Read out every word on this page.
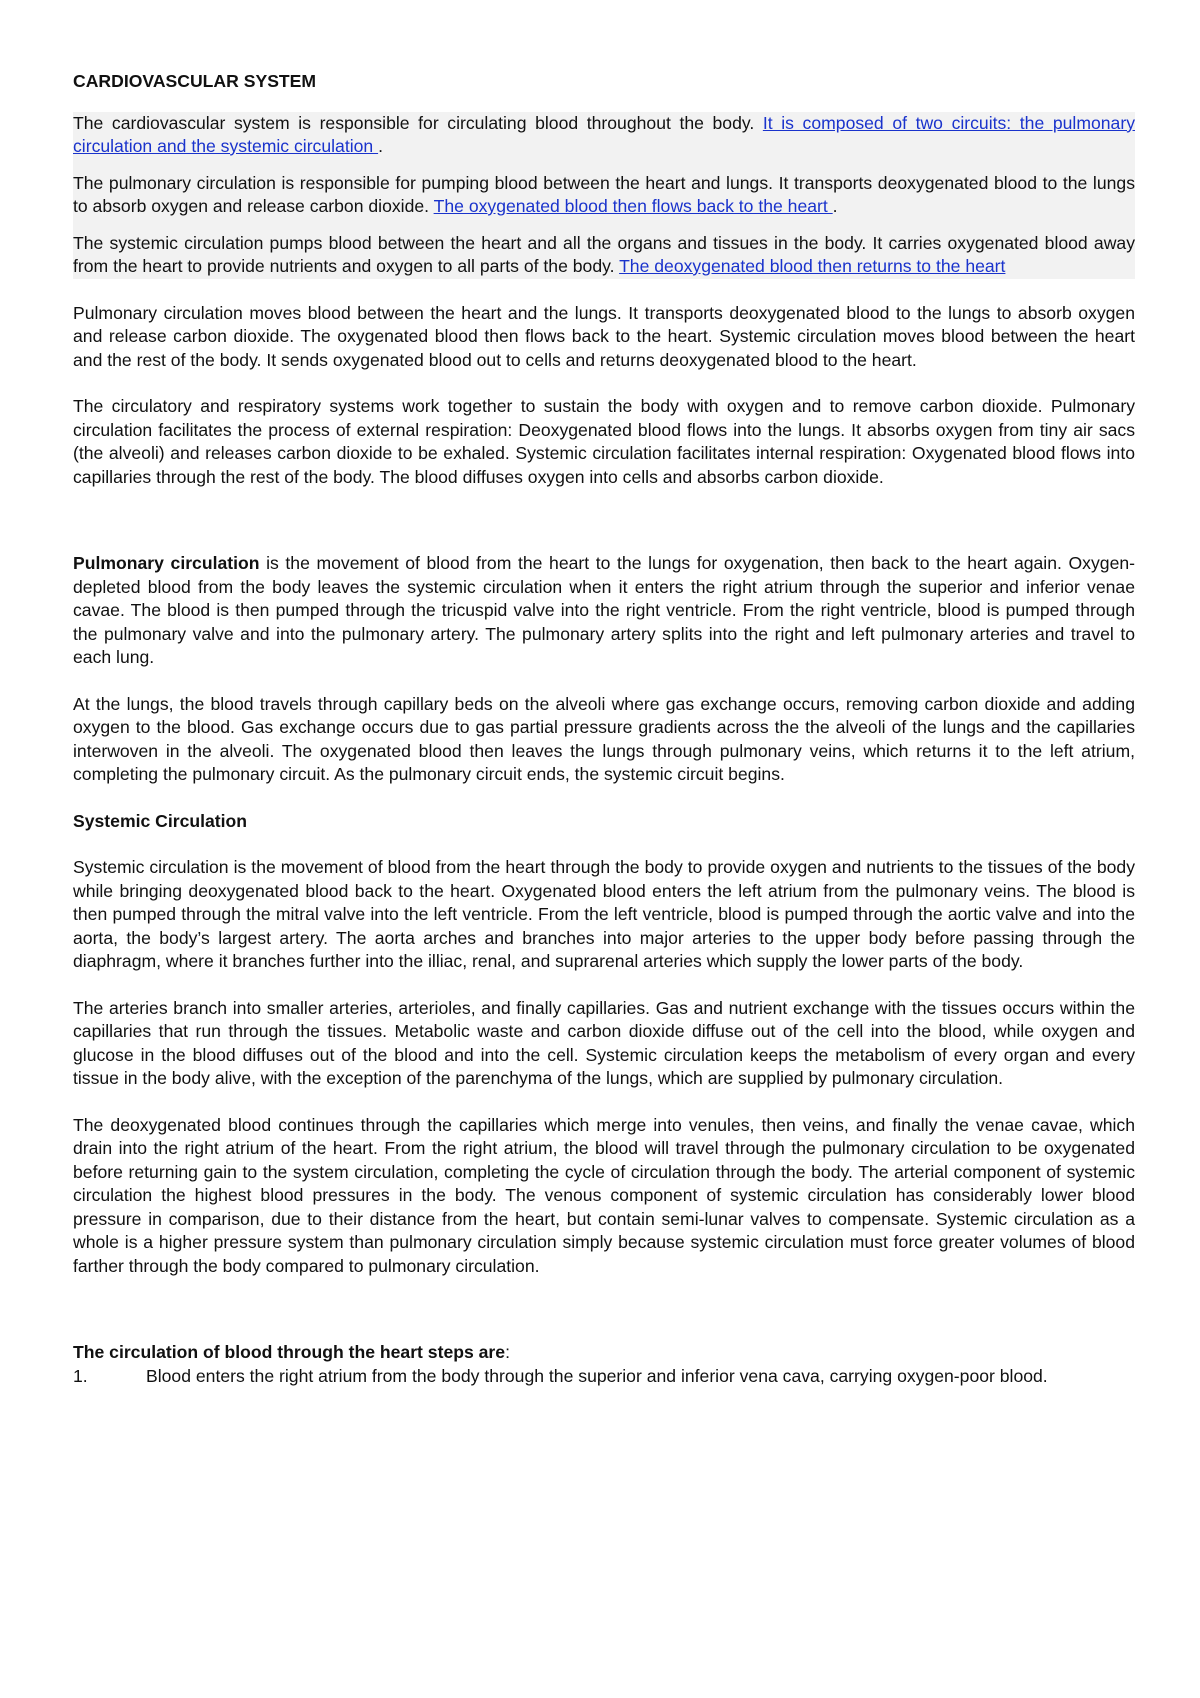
CARDIOVASCULAR SYSTEM

The cardiovascular system is responsible for circulating blood throughout the body. It is composed of two circuits: the pulmonary circulation and the systemic circulation .

The pulmonary circulation is responsible for pumping blood between the heart and lungs. It transports deoxygenated blood to the lungs to absorb oxygen and release carbon dioxide. The oxygenated blood then flows back to the heart .

The systemic circulation pumps blood between the heart and all the organs and tissues in the body. It carries oxygenated blood away from the heart to provide nutrients and oxygen to all parts of the body. The deoxygenated blood then returns to the heart

Pulmonary circulation moves blood between the heart and the lungs. It transports deoxygenated blood to the lungs to absorb oxygen and release carbon dioxide. The oxygenated blood then flows back to the heart. Systemic circulation moves blood between the heart and the rest of the body. It sends oxygenated blood out to cells and returns deoxygenated blood to the heart.

The circulatory and respiratory systems work together to sustain the body with oxygen and to remove carbon dioxide. Pulmonary circulation facilitates the process of external respiration: Deoxygenated blood flows into the lungs. It absorbs oxygen from tiny air sacs (the alveoli) and releases carbon dioxide to be exhaled. Systemic circulation facilitates internal respiration: Oxygenated blood flows into capillaries through the rest of the body. The blood diffuses oxygen into cells and absorbs carbon dioxide.

Pulmonary circulation is the movement of blood from the heart to the lungs for oxygenation, then back to the heart again. Oxygen-depleted blood from the body leaves the systemic circulation when it enters the right atrium through the superior and inferior venae cavae. The blood is then pumped through the tricuspid valve into the right ventricle. From the right ventricle, blood is pumped through the pulmonary valve and into the pulmonary artery. The pulmonary artery splits into the right and left pulmonary arteries and travel to each lung.

At the lungs, the blood travels through capillary beds on the alveoli where gas exchange occurs, removing carbon dioxide and adding oxygen to the blood. Gas exchange occurs due to gas partial pressure gradients across the the alveoli of the lungs and the capillaries interwoven in the alveoli. The oxygenated blood then leaves the lungs through pulmonary veins, which returns it to the left atrium, completing the pulmonary circuit. As the pulmonary circuit ends, the systemic circuit begins.

Systemic Circulation

Systemic circulation is the movement of blood from the heart through the body to provide oxygen and nutrients to the tissues of the body while bringing deoxygenated blood back to the heart. Oxygenated blood enters the left atrium from the pulmonary veins. The blood is then pumped through the mitral valve into the left ventricle. From the left ventricle, blood is pumped through the aortic valve and into the aorta, the body’s largest artery. The aorta arches and branches into major arteries to the upper body before passing through the diaphragm, where it branches further into the illiac, renal, and suprarenal arteries which supply the lower parts of the body.

The arteries branch into smaller arteries, arterioles, and finally capillaries. Gas and nutrient exchange with the tissues occurs within the capillaries that run through the tissues. Metabolic waste and carbon dioxide diffuse out of the cell into the blood, while oxygen and glucose in the blood diffuses out of the blood and into the cell. Systemic circulation keeps the metabolism of every organ and every tissue in the body alive, with the exception of the parenchyma of the lungs, which are supplied by pulmonary circulation.

The deoxygenated blood continues through the capillaries which merge into venules, then veins, and finally the venae cavae, which drain into the right atrium of the heart. From the right atrium, the blood will travel through the pulmonary circulation to be oxygenated before returning gain to the system circulation, completing the cycle of circulation through the body. The arterial component of systemic circulation the highest blood pressures in the body. The venous component of systemic circulation has considerably lower blood pressure in comparison, due to their distance from the heart, but contain semi-lunar valves to compensate. Systemic circulation as a whole is a higher pressure system than pulmonary circulation simply because systemic circulation must force greater volumes of blood farther through the body compared to pulmonary circulation.

The circulation of blood through the heart steps are:
1.	Blood enters the right atrium from the body through the superior and inferior vena cava, carrying oxygen-poor blood.
